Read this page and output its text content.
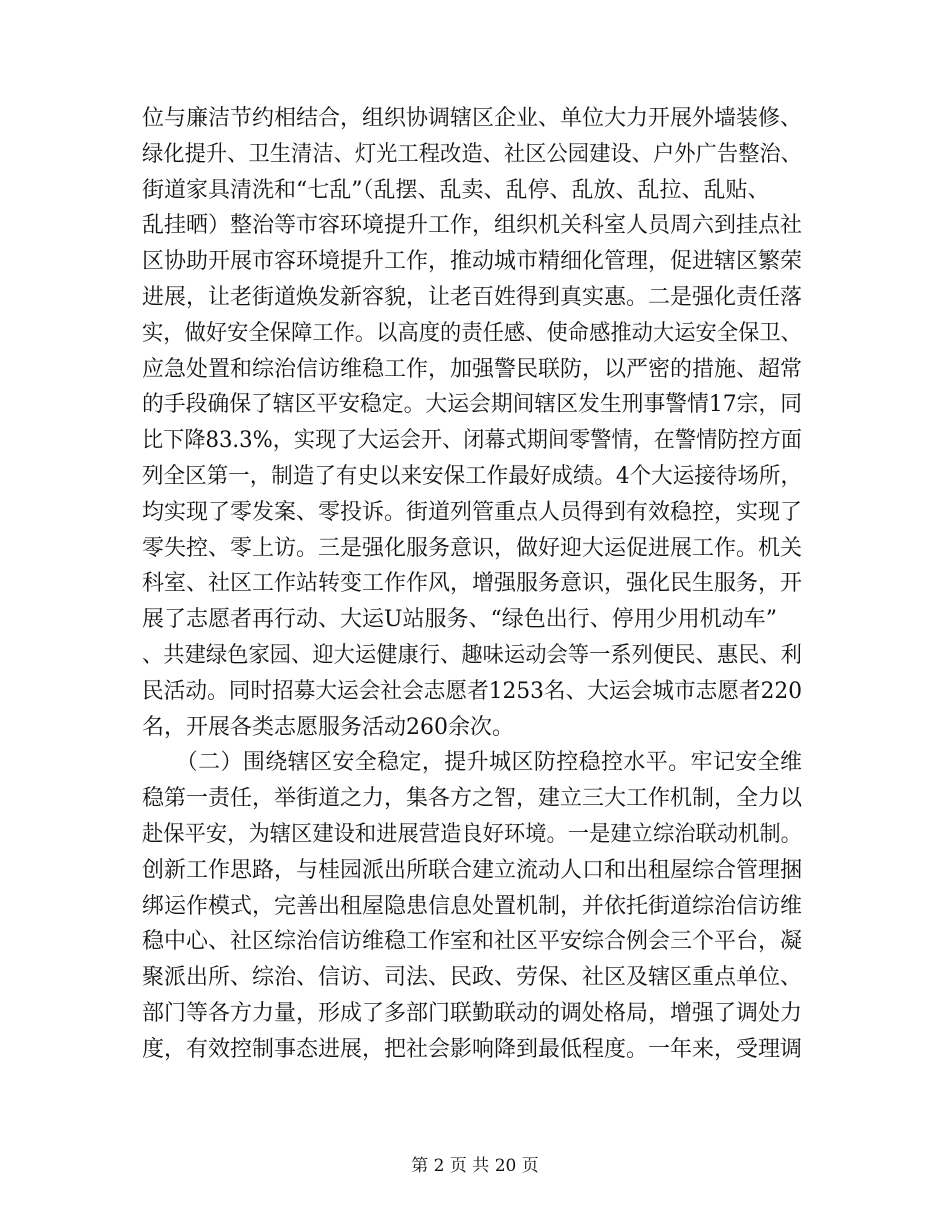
位与廉洁节约相结合，组织协调辖区企业、单位大力开展外墙装修、
绿化提升、卫生清洁、灯光工程改造、社区公园建设、户外广告整治、
街道家具清洗和“七乱”（乱摆、乱卖、乱停、乱放、乱拉、乱贴、
乱挂晒）整治等市容环境提升工作，组织机关科室人员周六到挂点社
区协助开展市容环境提升工作，推动城市精细化管理，促进辖区繁荣
进展，让老街道焕发新容貌，让老百姓得到真实惠。二是强化责任落
实，做好安全保障工作。以高度的责任感、使命感推动大运安全保卫、
应急处置和综治信访维稳工作，加强警民联防，以严密的措施、超常
的手段确保了辖区平安稳定。大运会期间辖区发生刑事警情17宗，同
比下降83.3%，实现了大运会开、闭幕式期间零警情，在警情防控方面
列全区第一，制造了有史以来安保工作最好成绩。4个大运接待场所，
均实现了零发案、零投诉。街道列管重点人员得到有效稳控，实现了
零失控、零上访。三是强化服务意识，做好迎大运促进展工作。机关
科室、社区工作站转变工作作风，增强服务意识，强化民生服务，开
展了志愿者再行动、大运U站服务、“绿色出行、停用少用机动车”
、共建绿色家园、迎大运健康行、趣味运动会等一系列便民、惠民、利
民活动。同时招募大运会社会志愿者1253名、大运会城市志愿者220
名，开展各类志愿服务活动260余次。
　　（二）围绕辖区安全稳定，提升城区防控稳控水平。牢记安全维
稳第一责任，举街道之力，集各方之智，建立三大工作机制，全力以
赴保平安，为辖区建设和进展营造良好环境。一是建立综治联动机制。
创新工作思路，与桂园派出所联合建立流动人口和出租屋综合管理捆
绑运作模式，完善出租屋隐患信息处置机制，并依托街道综治信访维
稳中心、社区综治信访维稳工作室和社区平安综合例会三个平台，凝
聚派出所、综治、信访、司法、民政、劳保、社区及辖区重点单位、
部门等各方力量，形成了多部门联勤联动的调处格局，增强了调处力
度，有效控制事态进展，把社会影响降到最低程度。一年来，受理调
第 2 页 共 20 页
